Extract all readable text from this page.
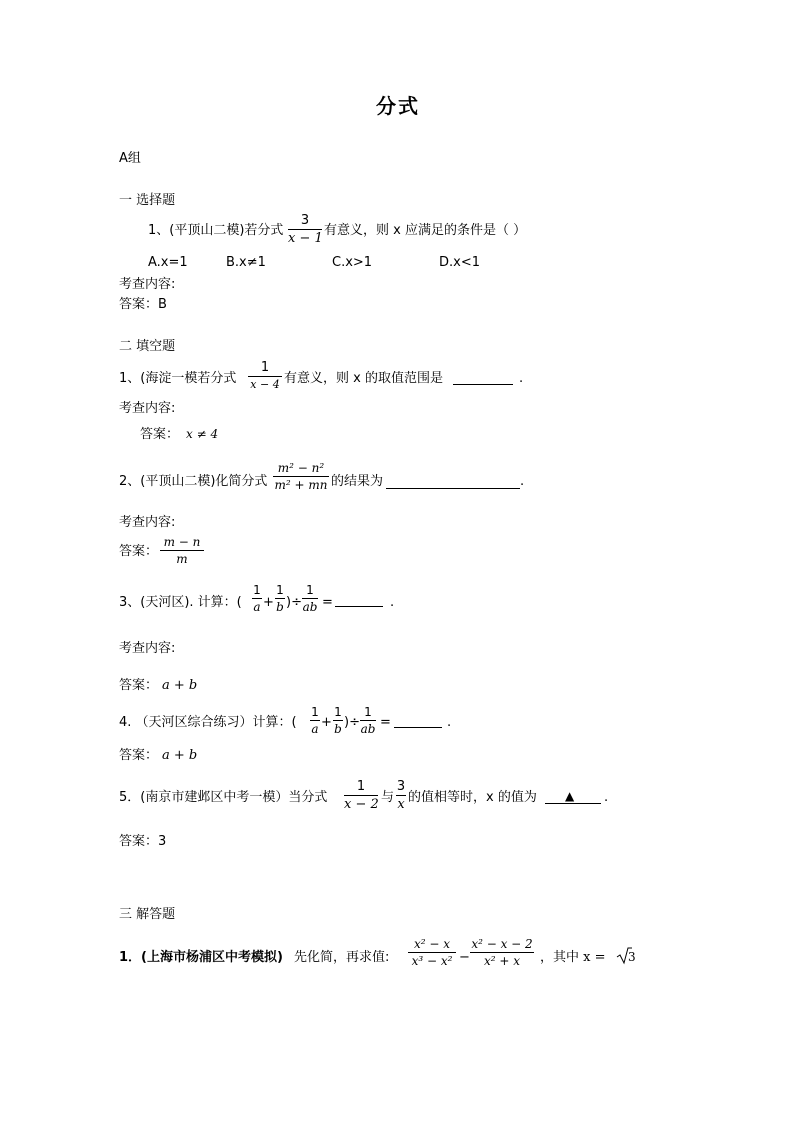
分式
A组
一 选择题
1、(平顶山二模)若分式
3
x − 1
有意义，则 x 应满足的条件是（ ）
A.x=1	B.x≠1	C.x>1	D.x<1
考查内容:
答案：B
二 填空题
1、(海淀一模若分式
1
x − 4 有意义，则 x 的取值范围是	.
考查内容:
答案： x ≠ 4
2、(平顶山二模)化简分式
m² − n²
m² + mn 的结果为	.
考查内容:
答案：
m − n
m
3、(天河区). 计算：(
1
a +
1
b )÷
1
ab =	.
考查内容:
答案： a + b
4. （天河区综合练习）计算：(
1
a +
1
b )÷
1
ab =	.
答案： a + b
5．(南京市建邺区中考一模）当分式
1
x − 2 与
3
x 的值相等时，x 的值为 ▲ .
答案：3
三 解答题
1．(上海市杨浦区中考模拟) 先化简，再求值:
x² − x
x³ − x² −
x² − x − 2
x² + x	，其中 x = 3
